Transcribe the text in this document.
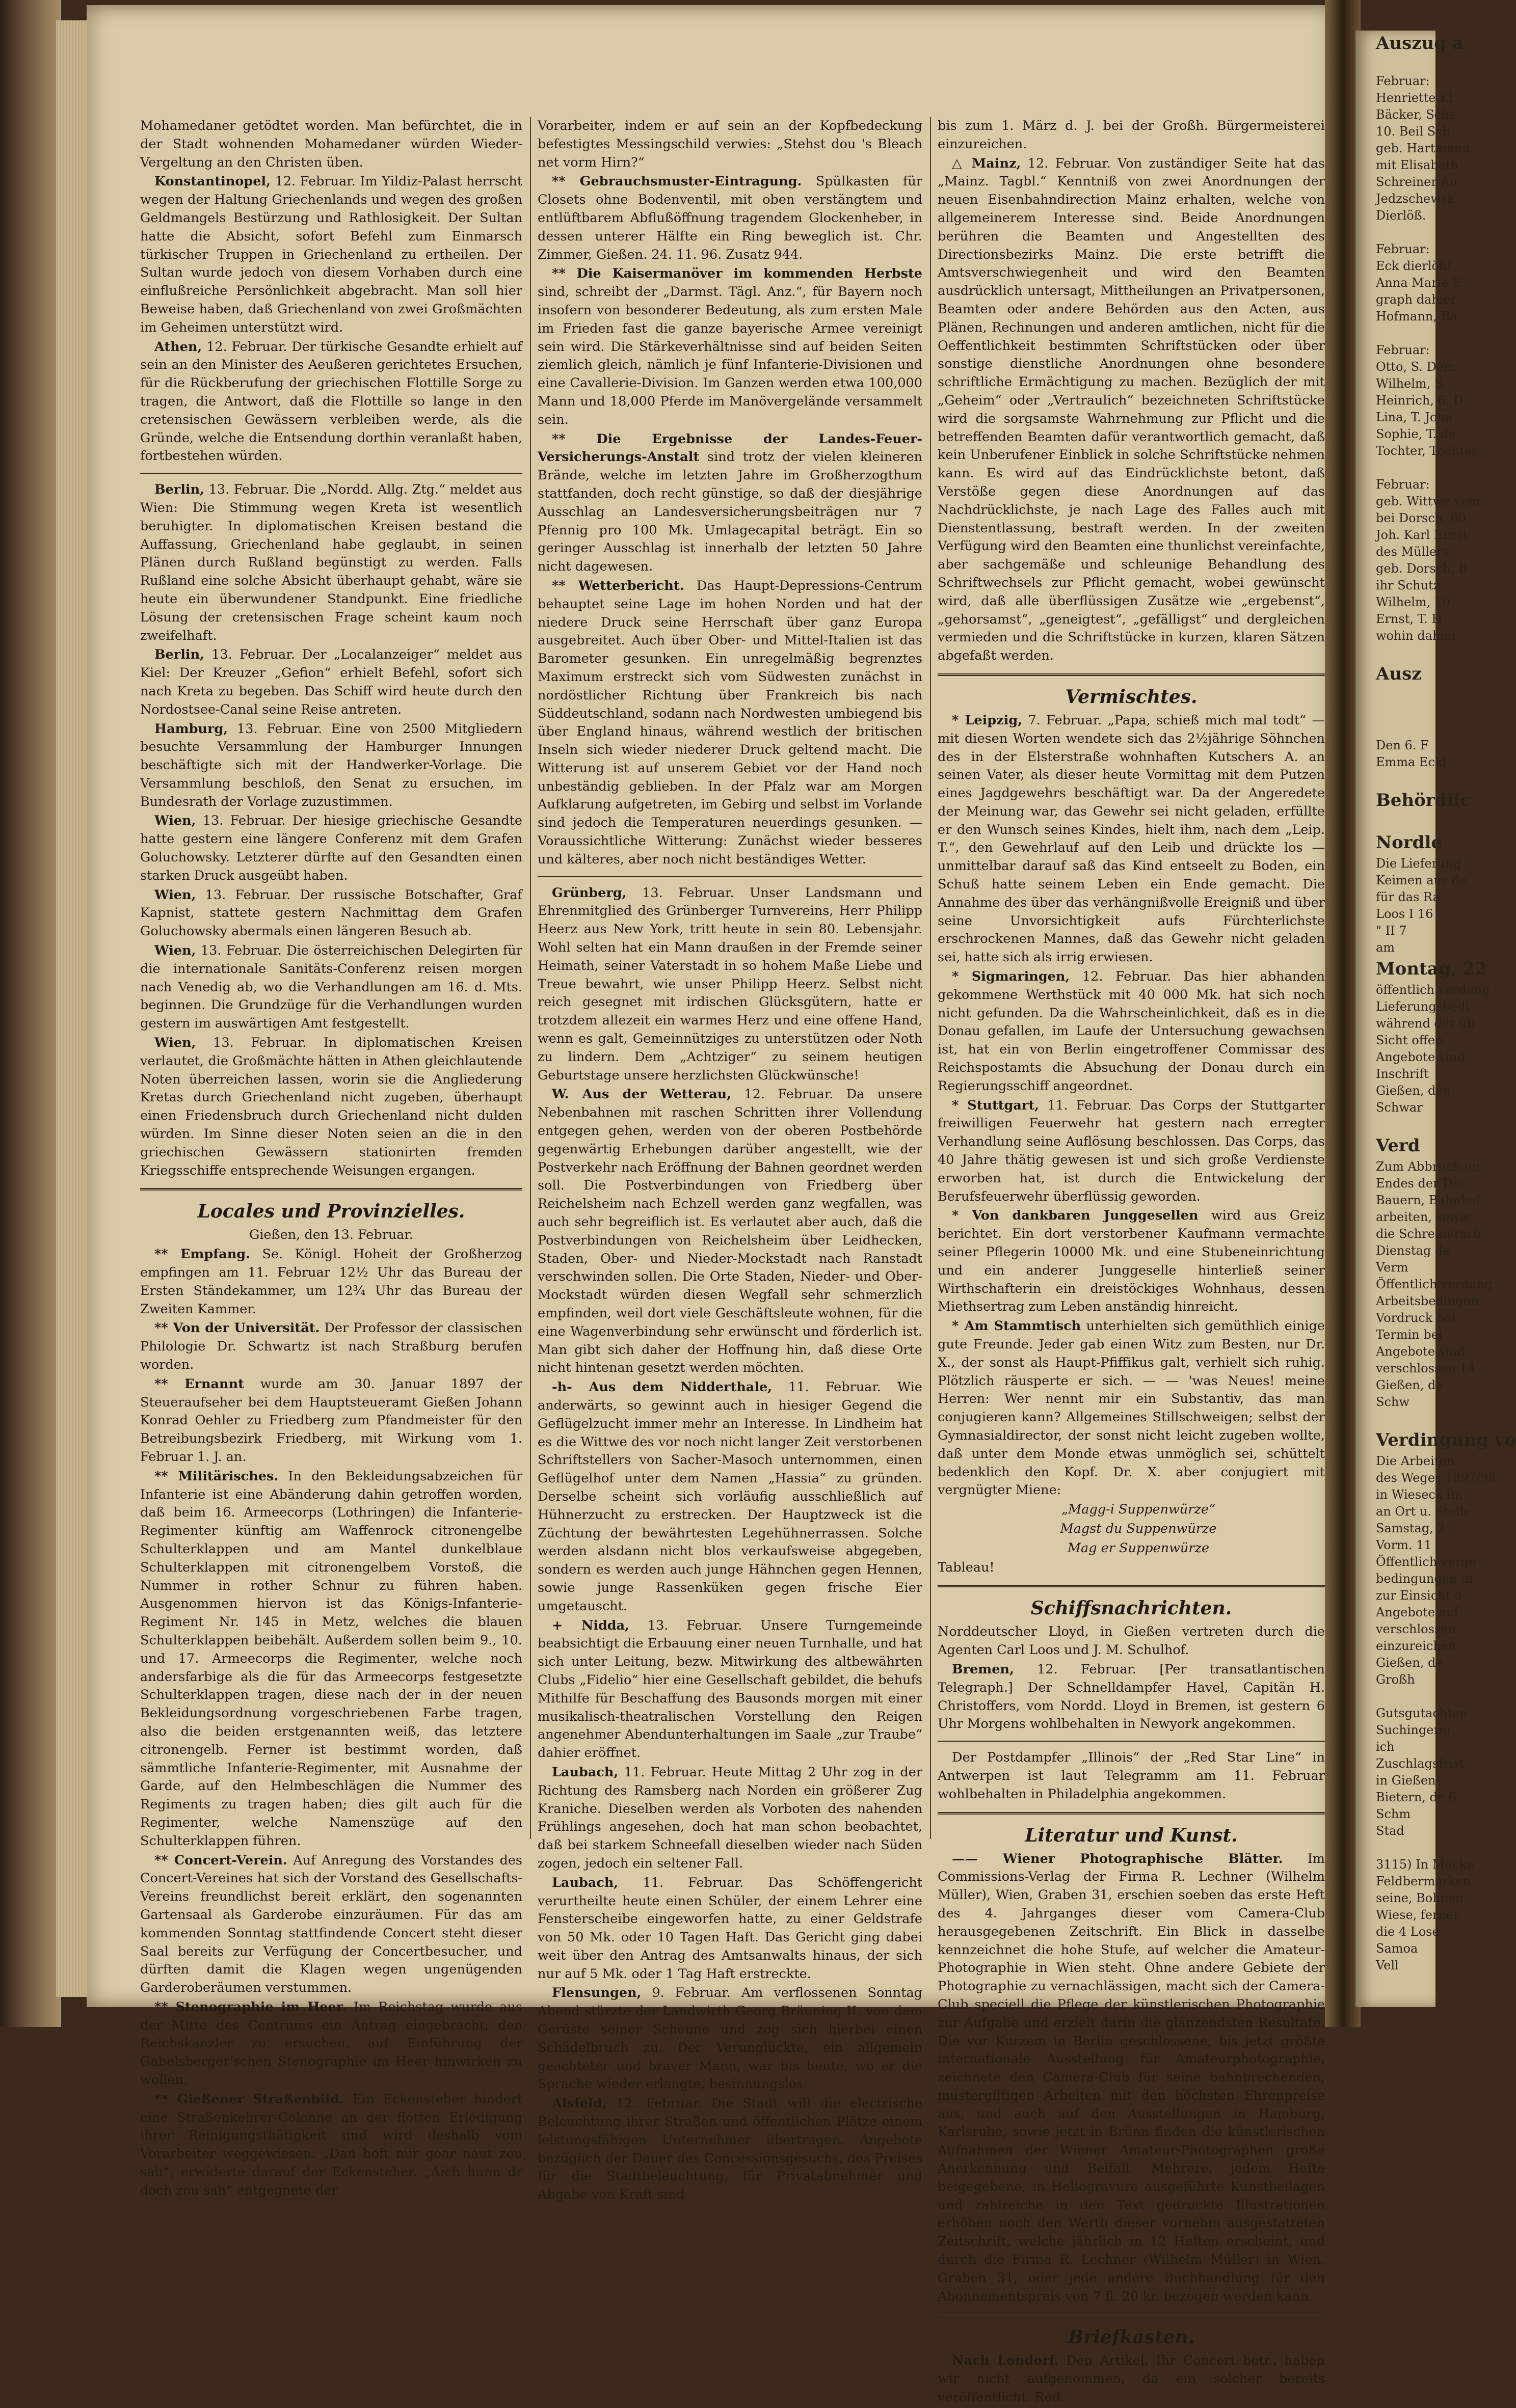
Mohamedaner getödtet worden. Man befürchtet, die in der Stadt wohnenden Mohamedaner würden Wieder-Vergeltung an den Christen üben.

Konstantinopel, 12. Februar. Im Yildiz-Palast herrscht wegen der Haltung Griechenlands und wegen des großen Geldmangels Bestürzung und Rathlosigkeit. Der Sultan hatte die Absicht, sofort Befehl zum Einmarsch türkischer Truppen in Griechenland zu ertheilen. Der Sultan wurde jedoch von diesem Vorhaben durch eine einflußreiche Persönlichkeit abgebracht. Man soll hier Beweise haben, daß Griechenland von zwei Großmächten im Geheimen unterstützt wird.

Athen, 12. Februar. Der türkische Gesandte erhielt auf sein an den Minister des Aeußeren gerichtetes Ersuchen, für die Rückberufung der griechischen Flottille Sorge zu tragen, die Antwort, daß die Flottille so lange in den cretensischen Gewässern verbleiben werde, als die Gründe, welche die Entsendung dorthin veranlaßt haben, fortbestehen würden.

Berlin, 13. Februar. Die „Nordd. Allg. Ztg.“ meldet aus Wien: Die Stimmung wegen Kreta ist wesentlich beruhigter. In diplomatischen Kreisen bestand die Auffassung, Griechenland habe geglaubt, in seinen Plänen durch Rußland begünstigt zu werden. Falls Rußland eine solche Absicht überhaupt gehabt, wäre sie heute ein überwundener Standpunkt. Eine friedliche Lösung der cretensischen Frage scheint kaum noch zweifelhaft.

Berlin, 13. Februar. Der „Localanzeiger“ meldet aus Kiel: Der Kreuzer „Gefion“ erhielt Befehl, sofort sich nach Kreta zu begeben. Das Schiff wird heute durch den Nordostsee-Canal seine Reise antreten.

Hamburg, 13. Februar. Eine von 2500 Mitgliedern besuchte Versammlung der Hamburger Innungen beschäftigte sich mit der Handwerker-Vorlage. Die Versammlung beschloß, den Senat zu ersuchen, im Bundesrath der Vorlage zuzustimmen.

Wien, 13. Februar. Der hiesige griechische Gesandte hatte gestern eine längere Conferenz mit dem Grafen Goluchowsky. Letzterer dürfte auf den Gesandten einen starken Druck ausgeübt haben.

Wien, 13. Februar. Der russische Botschafter, Graf Kapnist, stattete gestern Nachmittag dem Grafen Goluchowsky abermals einen längeren Besuch ab.

Wien, 13. Februar. Die österreichischen Delegirten für die internationale Sanitäts-Conferenz reisen morgen nach Venedig ab, wo die Verhandlungen am 16. d. Mts. beginnen. Die Grundzüge für die Verhandlungen wurden gestern im auswärtigen Amt festgestellt.

Wien, 13. Februar. In diplomatischen Kreisen verlautet, die Großmächte hätten in Athen gleichlautende Noten überreichen lassen, worin sie die Angliederung Kretas durch Griechenland nicht zugeben, überhaupt einen Friedensbruch durch Griechenland nicht dulden würden. Im Sinne dieser Noten seien an die in den griechischen Gewässern stationirten fremden Kriegsschiffe entsprechende Weisungen ergangen.

Locales und Provinzielles.

Gießen, den 13. Februar.

** Empfang. Se. Königl. Hoheit der Großherzog empfingen am 11. Februar 12½ Uhr das Bureau der Ersten Ständekammer, um 12¾ Uhr das Bureau der Zweiten Kammer.

** Von der Universität. Der Professor der classischen Philologie Dr. Schwartz ist nach Straßburg berufen worden.

** Ernannt wurde am 30. Januar 1897 der Steueraufseher bei dem Hauptsteueramt Gießen Johann Konrad Oehler zu Friedberg zum Pfandmeister für den Betreibungsbezirk Friedberg, mit Wirkung vom 1. Februar 1. J. an.

** Militärisches. In den Bekleidungsabzeichen für Infanterie ist eine Abänderung dahin getroffen worden, daß beim 16. Armeecorps (Lothringen) die Infanterie-Regimenter künftig am Waffenrock citronengelbe Schulterklappen und am Mantel dunkelblaue Schulterklappen mit citronengelbem Vorstoß, die Nummer in rother Schnur zu führen haben. Ausgenommen hiervon ist das Königs-Infanterie-Regiment Nr. 145 in Metz, welches die blauen Schulterklappen beibehält. Außerdem sollen beim 9., 10. und 17. Armeecorps die Regimenter, welche noch andersfarbige als die für das Armeecorps festgesetzte Schulterklappen tragen, diese nach der in der neuen Bekleidungsordnung vorgeschriebenen Farbe tragen, also die beiden erstgenannten weiß, das letztere citronengelb. Ferner ist bestimmt worden, daß sämmtliche Infanterie-Regimenter, mit Ausnahme der Garde, auf den Helmbeschlägen die Nummer des Regiments zu tragen haben; dies gilt auch für die Regimenter, welche Namenszüge auf den Schulterklappen führen.

** Concert-Verein. Auf Anregung des Vorstandes des Concert-Vereines hat sich der Vorstand des Gesellschafts-Vereins freundlichst bereit erklärt, den sogenannten Gartensaal als Garderobe einzuräumen. Für das am kommenden Sonntag stattfindende Concert steht dieser Saal bereits zur Verfügung der Concertbesucher, und dürften damit die Klagen wegen ungenügenden Garderoberäumen verstummen.

** Stenographie im Heer. Im Reichstag wurde aus der Mitte des Centrums ein Antrag eingebracht, den Reichskanzler zu ersuchen, auf Einführung der Gabelsberger'schen Stenographie im Heer hinwirken zu wollen.

** Gießener Straßenbild. Ein Eckensteher hindert eine Straßenkehrer-Colonne an der flotten Erledigung ihrer Reinigungsthätigkeit und wird deshalb vom Vorarbeiter weggewiesen. „Dan hoft mir goar naut zou sah“, erwiderte darauf der Eckensteher. „Aich hunn dr doch zou sah“ entgegnete der

Vorarbeiter, indem er auf sein an der Kopfbedeckung befestigtes Messingschild verwies: „Stehst dou 's Bleach net vorm Hirn?“

** Gebrauchsmuster-Eintragung. Spülkasten für Closets ohne Bodenventil, mit oben verstängtem und entlüftbarem Abflußöffnung tragendem Glockenheber, in dessen unterer Hälfte ein Ring beweglich ist. Chr. Zimmer, Gießen. 24. 11. 96. Zusatz 944.

** Die Kaisermanöver im kommenden Herbste sind, schreibt der „Darmst. Tägl. Anz.“, für Bayern noch insofern von besonderer Bedeutung, als zum ersten Male im Frieden fast die ganze bayerische Armee vereinigt sein wird. Die Stärkeverhältnisse sind auf beiden Seiten ziemlich gleich, nämlich je fünf Infanterie-Divisionen und eine Cavallerie-Division. Im Ganzen werden etwa 100,000 Mann und 18,000 Pferde im Manövergelände versammelt sein.

** Die Ergebnisse der Landes-Feuer-Versicherungs-Anstalt sind trotz der vielen kleineren Brände, welche im letzten Jahre im Großherzogthum stattfanden, doch recht günstige, so daß der diesjährige Ausschlag an Landesversicherungsbeiträgen nur 7 Pfennig pro 100 Mk. Umlagecapital beträgt. Ein so geringer Ausschlag ist innerhalb der letzten 50 Jahre nicht dagewesen.

** Wetterbericht. Das Haupt-Depressions-Centrum behauptet seine Lage im hohen Norden und hat der niedere Druck seine Herrschaft über ganz Europa ausgebreitet. Auch über Ober- und Mittel-Italien ist das Barometer gesunken. Ein unregelmäßig begrenztes Maximum erstreckt sich vom Südwesten zunächst in nordöstlicher Richtung über Frankreich bis nach Süddeutschland, sodann nach Nordwesten umbiegend bis über England hinaus, während westlich der britischen Inseln sich wieder niederer Druck geltend macht. Die Witterung ist auf unserem Gebiet vor der Hand noch unbeständig geblieben. In der Pfalz war am Morgen Aufklarung aufgetreten, im Gebirg und selbst im Vorlande sind jedoch die Temperaturen neuerdings gesunken. — Voraussichtliche Witterung: Zunächst wieder besseres und kälteres, aber noch nicht beständiges Wetter.

Grünberg, 13. Februar. Unser Landsmann und Ehrenmitglied des Grünberger Turnvereins, Herr Philipp Heerz aus New York, tritt heute in sein 80. Lebensjahr. Wohl selten hat ein Mann draußen in der Fremde seiner Heimath, seiner Vaterstadt in so hohem Maße Liebe und Treue bewahrt, wie unser Philipp Heerz. Selbst nicht reich gesegnet mit irdischen Glücksgütern, hatte er trotzdem allezeit ein warmes Herz und eine offene Hand, wenn es galt, Gemeinnütziges zu unterstützen oder Noth zu lindern. Dem „Achtziger“ zu seinem heutigen Geburtstage unsere herzlichsten Glückwünsche!

W. Aus der Wetterau, 12. Februar. Da unsere Nebenbahnen mit raschen Schritten ihrer Vollendung entgegen gehen, werden von der oberen Postbehörde gegenwärtig Erhebungen darüber angestellt, wie der Postverkehr nach Eröffnung der Bahnen geordnet werden soll. Die Postverbindungen von Friedberg über Reichelsheim nach Echzell werden ganz wegfallen, was auch sehr begreiflich ist. Es verlautet aber auch, daß die Postverbindungen von Reichelsheim über Leidhecken, Staden, Ober- und Nieder-Mockstadt nach Ranstadt verschwinden sollen. Die Orte Staden, Nieder- und Ober-Mockstadt würden diesen Wegfall sehr schmerzlich empfinden, weil dort viele Geschäftsleute wohnen, für die eine Wagenverbindung sehr erwünscht und förderlich ist. Man gibt sich daher der Hoffnung hin, daß diese Orte nicht hintenan gesetzt werden möchten.

-h- Aus dem Nidderthale, 11. Februar. Wie anderwärts, so gewinnt auch in hiesiger Gegend die Geflügelzucht immer mehr an Interesse. In Lindheim hat es die Wittwe des vor noch nicht langer Zeit verstorbenen Schriftstellers von Sacher-Masoch unternommen, einen Geflügelhof unter dem Namen „Hassia“ zu gründen. Derselbe scheint sich vorläufig ausschließlich auf Hühnerzucht zu erstrecken. Der Hauptzweck ist die Züchtung der bewährtesten Legehühnerrassen. Solche werden alsdann nicht blos verkaufsweise abgegeben, sondern es werden auch junge Hähnchen gegen Hennen, sowie junge Rassenküken gegen frische Eier umgetauscht.

+ Nidda, 13. Februar. Unsere Turngemeinde beabsichtigt die Erbauung einer neuen Turnhalle, und hat sich unter Leitung, bezw. Mitwirkung des altbewährten Clubs „Fidelio“ hier eine Gesellschaft gebildet, die behufs Mithilfe für Beschaffung des Bausonds morgen mit einer musikalisch-theatralischen Vorstellung den Reigen angenehmer Abendunterhaltungen im Saale „zur Traube“ dahier eröffnet.

Laubach, 11. Februar. Heute Mittag 2 Uhr zog in der Richtung des Ramsberg nach Norden ein größerer Zug Kraniche. Dieselben werden als Vorboten des nahenden Frühlings angesehen, doch hat man schon beobachtet, daß bei starkem Schneefall dieselben wieder nach Süden zogen, jedoch ein seltener Fall.

Laubach, 11. Februar. Das Schöffengericht verurtheilte heute einen Schüler, der einem Lehrer eine Fensterscheibe eingeworfen hatte, zu einer Geldstrafe von 50 Mk. oder 10 Tagen Haft. Das Gericht ging dabei weit über den Antrag des Amtsanwalts hinaus, der sich nur auf 5 Mk. oder 1 Tag Haft erstreckte.

Flensungen, 9. Februar. Am verflossenen Sonntag Abend stürzte der Landwirth Georg Bräuning II. von dem Gerüste seiner Scheune und zog sich hierbei einen Schädelbruch zu. Der Verunglückte, ein allgemein geachteter und braver Mann, war bis heute, wo er die Sprache wieder erlangte, besinnungslos.

Alsfeld, 12. Februar. Die Stadt will die electrische Beleuchtung ihrer Straßen und öffentlichen Plätze einem leistungsfähigen Unternehmer übertragen. Angebote bezüglich der Dauer des Concessionsgesuchs, des Preises für die Stadtbeleuchtung, für Privatabnehmer und Abgabe von Kraft sind

bis zum 1. März d. J. bei der Großh. Bürgermeisterei einzureichen.

△ Mainz, 12. Februar. Von zuständiger Seite hat das „Mainz. Tagbl.“ Kenntniß von zwei Anordnungen der neuen Eisenbahndirection Mainz erhalten, welche von allgemeinerem Interesse sind. Beide Anordnungen berühren die Beamten und Angestellten des Directionsbezirks Mainz. Die erste betrifft die Amtsverschwiegenheit und wird den Beamten ausdrücklich untersagt, Mittheilungen an Privatpersonen, Beamten oder andere Behörden aus den Acten, aus Plänen, Rechnungen und anderen amtlichen, nicht für die Oeffentlichkeit bestimmten Schriftstücken oder über sonstige dienstliche Anordnungen ohne besondere schriftliche Ermächtigung zu machen. Bezüglich der mit „Geheim“ oder „Vertraulich“ bezeichneten Schriftstücke wird die sorgsamste Wahrnehmung zur Pflicht und die betreffenden Beamten dafür verantwortlich gemacht, daß kein Unberufener Einblick in solche Schriftstücke nehmen kann. Es wird auf das Eindrücklichste betont, daß Verstöße gegen diese Anordnungen auf das Nachdrücklichste, je nach Lage des Falles auch mit Dienstentlassung, bestraft werden. In der zweiten Verfügung wird den Beamten eine thunlichst vereinfachte, aber sachgemäße und schleunige Behandlung des Schriftwechsels zur Pflicht gemacht, wobei gewünscht wird, daß alle überflüssigen Zusätze wie „ergebenst“, „gehorsamst“, „geneigtest“, „gefälligst“ und dergleichen vermieden und die Schriftstücke in kurzen, klaren Sätzen abgefaßt werden.

Vermischtes.

* Leipzig, 7. Februar. „Papa, schieß mich mal todt“ — mit diesen Worten wendete sich das 2½jährige Söhnchen des in der Elsterstraße wohnhaften Kutschers A. an seinen Vater, als dieser heute Vormittag mit dem Putzen eines Jagdgewehrs beschäftigt war. Da der Angeredete der Meinung war, das Gewehr sei nicht geladen, erfüllte er den Wunsch seines Kindes, hielt ihm, nach dem „Leip. T.“, den Gewehrlauf auf den Leib und drückte los — unmittelbar darauf saß das Kind entseelt zu Boden, ein Schuß hatte seinem Leben ein Ende gemacht. Die Annahme des über das verhängnißvolle Ereigniß und über seine Unvorsichtigkeit aufs Fürchterlichste erschrockenen Mannes, daß das Gewehr nicht geladen sei, hatte sich als irrig erwiesen.

* Sigmaringen, 12. Februar. Das hier abhanden gekommene Werthstück mit 40 000 Mk. hat sich noch nicht gefunden. Da die Wahrscheinlichkeit, daß es in die Donau gefallen, im Laufe der Untersuchung gewachsen ist, hat ein von Berlin eingetroffener Commissar des Reichspostamts die Absuchung der Donau durch ein Regierungsschiff angeordnet.

* Stuttgart, 11. Februar. Das Corps der Stuttgarter freiwilligen Feuerwehr hat gestern nach erregter Verhandlung seine Auflösung beschlossen. Das Corps, das 40 Jahre thätig gewesen ist und sich große Verdienste erworben hat, ist durch die Entwickelung der Berufsfeuerwehr überflüssig geworden.

* Von dankbaren Junggesellen wird aus Greiz berichtet. Ein dort verstorbener Kaufmann vermachte seiner Pflegerin 10000 Mk. und eine Stubeneinrichtung und ein anderer Junggeselle hinterließ seiner Wirthschafterin ein dreistöckiges Wohnhaus, dessen Miethsertrag zum Leben anständig hinreicht.

* Am Stammtisch unterhielten sich gemüthlich einige gute Freunde. Jeder gab einen Witz zum Besten, nur Dr. X., der sonst als Haupt-Pfiffikus galt, verhielt sich ruhig. Plötzlich räusperte er sich. — — 'was Neues! meine Herren: Wer nennt mir ein Substantiv, das man conjugieren kann? Allgemeines Stillschweigen; selbst der Gymnasialdirector, der sonst nicht leicht zugeben wollte, daß unter dem Monde etwas unmöglich sei, schüttelt bedenklich den Kopf. Dr. X. aber conjugiert mit vergnügter Miene:

„Magg-i Suppenwürze“

Magst du Suppenwürze

Mag er Suppenwürze

Tableau!

Schiffsnachrichten.

Norddeutscher Lloyd, in Gießen vertreten durch die Agenten Carl Loos und J. M. Schulhof.

Bremen, 12. Februar. [Per transatlantischen Telegraph.] Der Schnelldampfer Havel, Capitän H. Christoffers, vom Nordd. Lloyd in Bremen, ist gestern 6 Uhr Morgens wohlbehalten in Newyork angekommen.

Der Postdampfer „Illinois“ der „Red Star Line“ in Antwerpen ist laut Telegramm am 11. Februar wohlbehalten in Philadelphia angekommen.

Literatur und Kunst.

—— Wiener Photographische Blätter. Im Commissions-Verlag der Firma R. Lechner (Wilhelm Müller), Wien, Graben 31, erschien soeben das erste Heft des 4. Jahrganges dieser vom Camera-Club herausgegebenen Zeitschrift. Ein Blick in dasselbe kennzeichnet die hohe Stufe, auf welcher die Amateur-Photographie in Wien steht. Ohne andere Gebiete der Photographie zu vernachlässigen, macht sich der Camera-Club speciell die Pflege der künstlerischen Photographie zur Aufgabe und erzielt darin die glänzendsten Resultate. Die vor Kurzem in Berlin geschlossene, bis jetzt größte internationale Ausstellung für Amateurphotographie, zeichnete den Camera-Club für seine bahnbrechenden, mustergiltigen Arbeiten mit den höchsten Ehrenpreise aus, und auch auf den Ausstellungen in Hamburg, Karlsruhe, sowie jetzt in Brünn finden die künstlerischen Aufnahmen der Wiener Amateur-Photographen große Anerkennung und Beifall. Mehrere, jedem Hefte beigegebene, in Heliogravure ausgeführte Kunstbeilagen und zahlreiche in den Text gedruckte Illustrationen erhöhen noch den Werth dieser vornehm ausgestatteten Zeitschrift, welche jährlich in 12 Heften erscheint, und durch die Firma R. Lechner (Wilhelm Müller) in Wien, Graben 31, oder jede andere Buchhandlung für den Abonnementspreis von 7 fl. 20 kr. bezogen werden kann.

Briefkasten.

Nach Londorf. Den Artikel, Ihr Concert betr., haben wir nicht aufgenommen, da ein solcher bereits veröffentlicht. Red.

Auszug a

Februar:
Henriette Kl
Bäcker, Sche
10. Beil Sch
geb. Hartmann
mit Elisabeth
Schreiner Au
Jedzschewsk
Dierlöß.

Februar:
Eck dierlößt
Anna Marie E
graph dahier
Hofmann, Ba

Februar:
Otto, S. Dem
Wilhelm, S.
Heinrich, 6. D
Lina, T. Joha
Sophie, T. de
Tochter, Töchter

Februar:
geb. Wittwe vom
bei Dorsch, 60
Joh. Karl Ernst
des Müllers
geb. Dorsch, B
ihr Schutz
Wilhelm, 70
Ernst, T. H
wohin dahier

Ausz

Den 6. F
Emma Eckl

Behördlic

Nordle
Die Lieferung
Keimen aus de
für das Ra
Loos I 16
" II 7
am
Montag, 22
öffentlich verdung
Lieferungsbedi
während der üb
Sicht offen.
Angebote sind
Inschrift
Gießen, den
Schwar

Verd
Zum Abbruch un
Endes der Dac
Bauern, Bahnhof
arbeiten, sowie
die Schreinerarb
Dienstag de
Verm
Öffentlich verdung
Arbeitsbedingun
Vordruck bei
Termin bei
Angebote sind
verschlossen 14
Gießen, de
Schw

Verdingung vo
Die Arbeiten
des Weges 1897/98
in Wieseck im
an Ort u. Stelle
Samstag, 2
Vorm. 11
Öffentlich verge
bedingungen in
zur Einsicht o
Angebote auf
verschlossen
einzureichen.
Gießen, de
Großh

Gutsgutachten
Suchingerei
ich
Zuschlagsfrist
in Gießen
Bietern, de 6
Schm
Stad

3115) In Mücke
Feldbermarken
seine, Bohnen
Wiese, ferner
die 4 Lose
Samoa
Vell
